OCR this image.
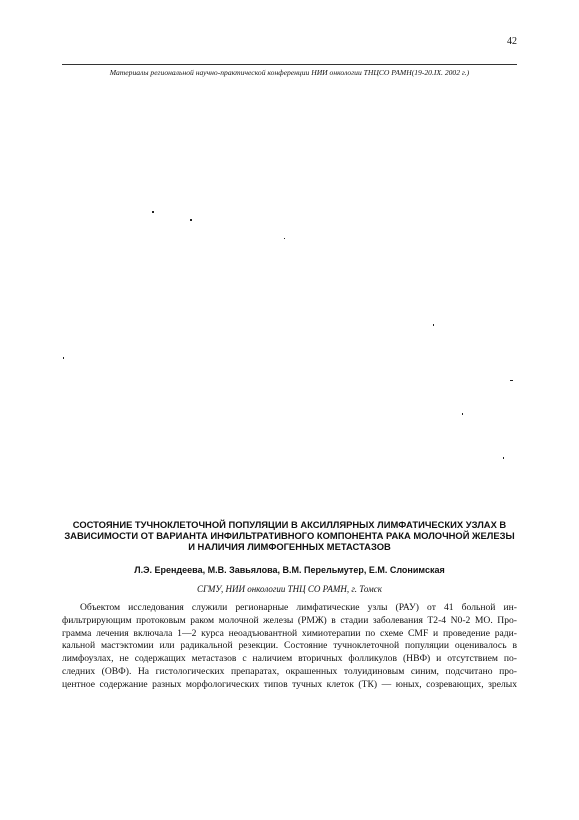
42
Материалы региональной научно-практической конференции НИИ онкологии ТНЦСО РАМН(19-20.IX. 2002 г.)
СОСТОЯНИЕ ТУЧНОКЛЕТОЧНОЙ ПОПУЛЯЦИИ В АКСИЛЛЯРНЫХ ЛИМФАТИЧЕСКИХ УЗЛАХ В
ЗАВИСИМОСТИ ОТ ВАРИАНТА ИНФИЛЬТРАТИВНОГО КОМПОНЕНТА РАКА МОЛОЧНОЙ ЖЕЛЕЗЫ
И НАЛИЧИЯ ЛИМФОГЕННЫХ МЕТАСТАЗОВ
Л.Э. Ерендеева, М.В. Завьялова, В.М. Перельмутер, Е.М. Слонимская
СГМУ, НИИ онкологии ТНЦ СО РАМН, г. Томск
Объектом исследования служили регионарные лимфатические узлы (РАУ) от 41 больной ин-
фильтрирующим протоковым раком молочной железы (РМЖ) в стадии заболевания Т2-4 N0-2 МО. Про-
грамма лечения включала 1—2 курса неоадъювантной химиотерапии по схеме CMF и проведение ради-
кальной мастэктомии или радикальной резекции. Состояние тучноклеточной популяции оценивалось в
лимфоузлах, не содержащих метастазов с наличием вторичных фолликулов (НВФ) и отсутствием по-
следних (ОВФ). На гистологических препаратах, окрашенных толуидиновым синим, подсчитано про-
центное содержание разных морфологических типов тучных клеток (ТК) — юных, созревающих, зрелых
